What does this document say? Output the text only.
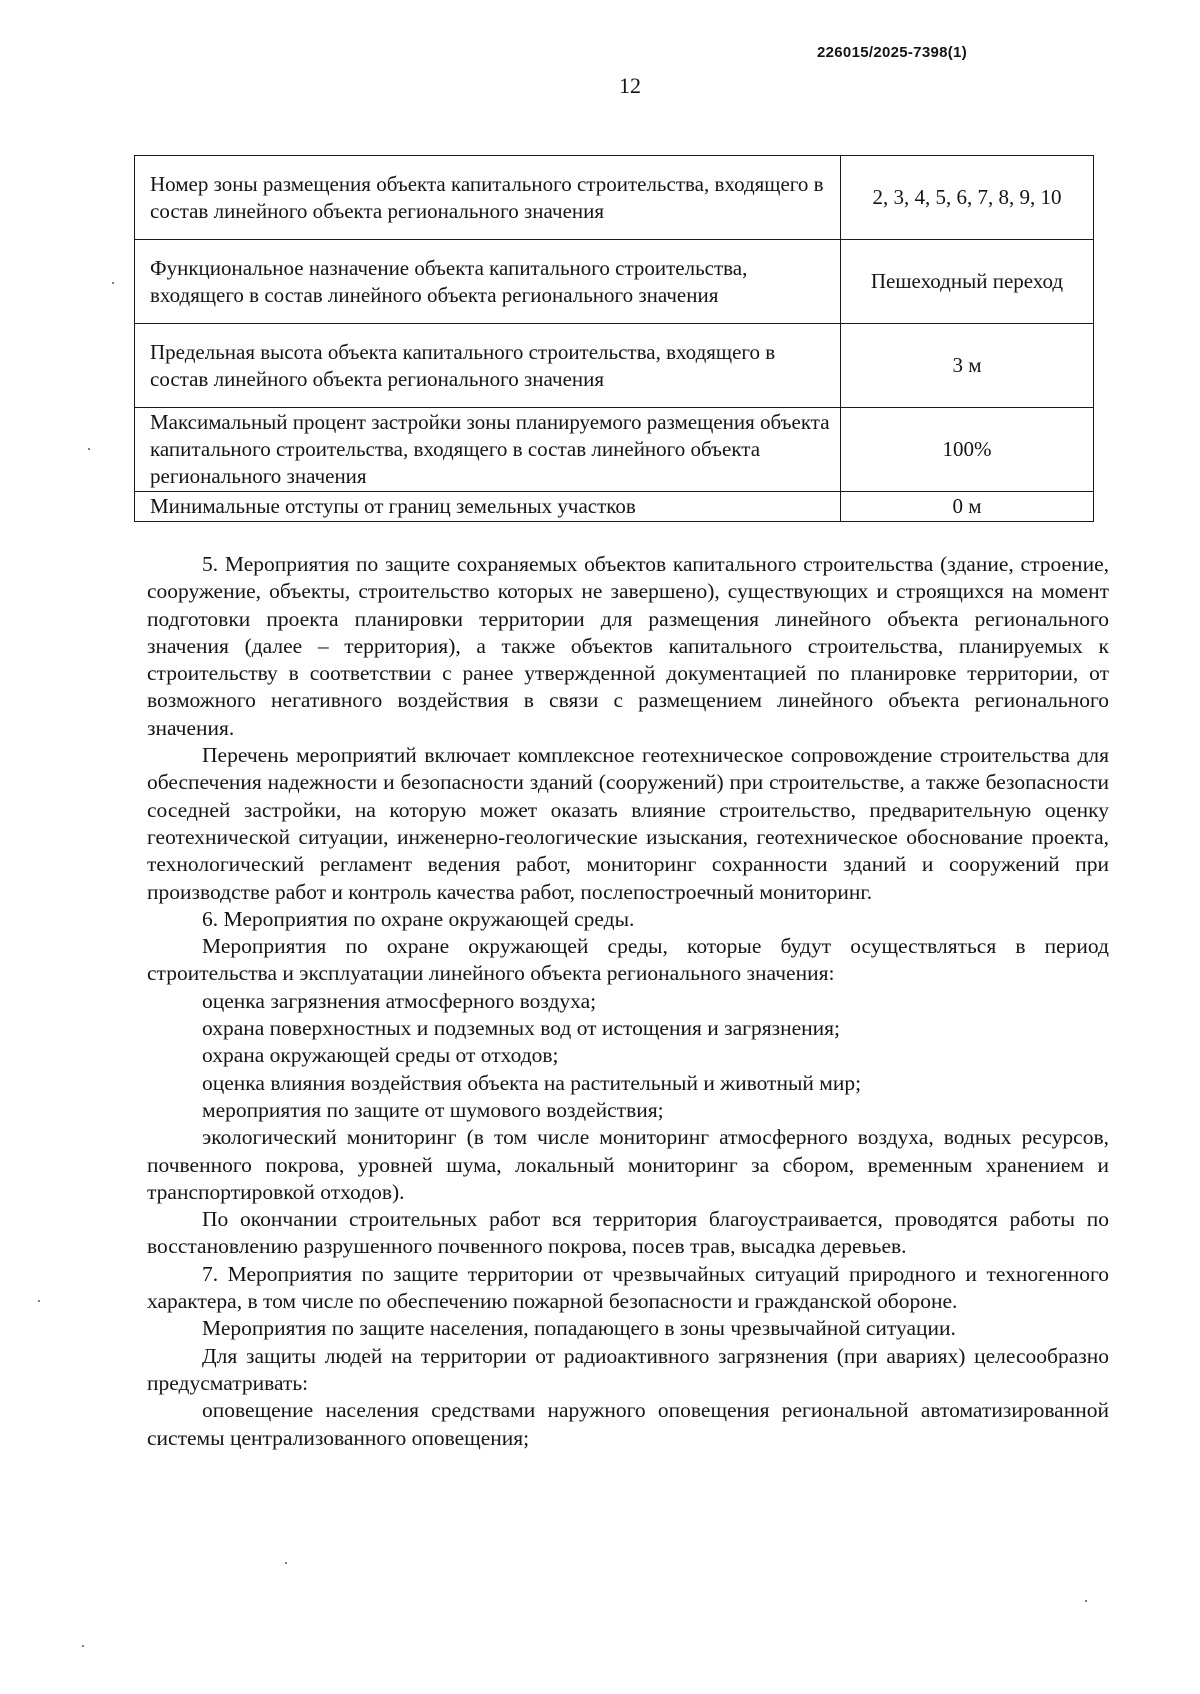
226015/2025-7398(1)
12
Номер зоны размещения объекта капитального строительства, входящего в состав линейного объекта регионального значения	2, 3, 4, 5, 6, 7, 8, 9, 10
Функциональное назначение объекта капитального строительства, входящего в состав линейного объекта регионального значения	Пешеходный переход
Предельная высота объекта капитального строительства, входящего в состав линейного объекта регионального значения	3 м
Максимальный процент застройки зоны планируемого размещения объекта капитального строительства, входящего в состав линейного объекта регионального значения	100%
Минимальные отступы от границ земельных участков	0 м

5. Мероприятия по защите сохраняемых объектов капитального строительства (здание, строение, сооружение, объекты, строительство которых не завершено), существующих и строящихся на момент подготовки проекта планировки территории для размещения линейного объекта регионального значения (далее – территория), а также объектов капитального строительства, планируемых к строительству в соответствии с ранее утвержденной документацией по планировке территории, от возможного негативного воздействия в связи с размещением линейного объекта регионального значения.

Перечень мероприятий включает комплексное геотехническое сопровождение строительства для обеспечения надежности и безопасности зданий (сооружений) при строительстве, а также безопасности соседней застройки, на которую может оказать влияние строительство, предварительную оценку геотехнической ситуации, инженерно-геологические изыскания, геотехническое обоснование проекта, технологический регламент ведения работ, мониторинг сохранности зданий и сооружений при производстве работ и контроль качества работ, послепостроечный мониторинг.

6. Мероприятия по охране окружающей среды.

Мероприятия по охране окружающей среды, которые будут осуществляться в период строительства и эксплуатации линейного объекта регионального значения:

оценка загрязнения атмосферного воздуха;

охрана поверхностных и подземных вод от истощения и загрязнения;

охрана окружающей среды от отходов;

оценка влияния воздействия объекта на растительный и животный мир;

мероприятия по защите от шумового воздействия;

экологический мониторинг (в том числе мониторинг атмосферного воздуха, водных ресурсов, почвенного покрова, уровней шума, локальный мониторинг за сбором, временным хранением и транспортировкой отходов).

По окончании строительных работ вся территория благоустраивается, проводятся работы по восстановлению разрушенного почвенного покрова, посев трав, высадка деревьев.

7. Мероприятия по защите территории от чрезвычайных ситуаций природного и техногенного характера, в том числе по обеспечению пожарной безопасности и гражданской обороне.

Мероприятия по защите населения, попадающего в зоны чрезвычайной ситуации.

Для защиты людей на территории от радиоактивного загрязнения (при авариях) целесообразно предусматривать:

оповещение населения средствами наружного оповещения региональной автоматизированной системы централизованного оповещения;
